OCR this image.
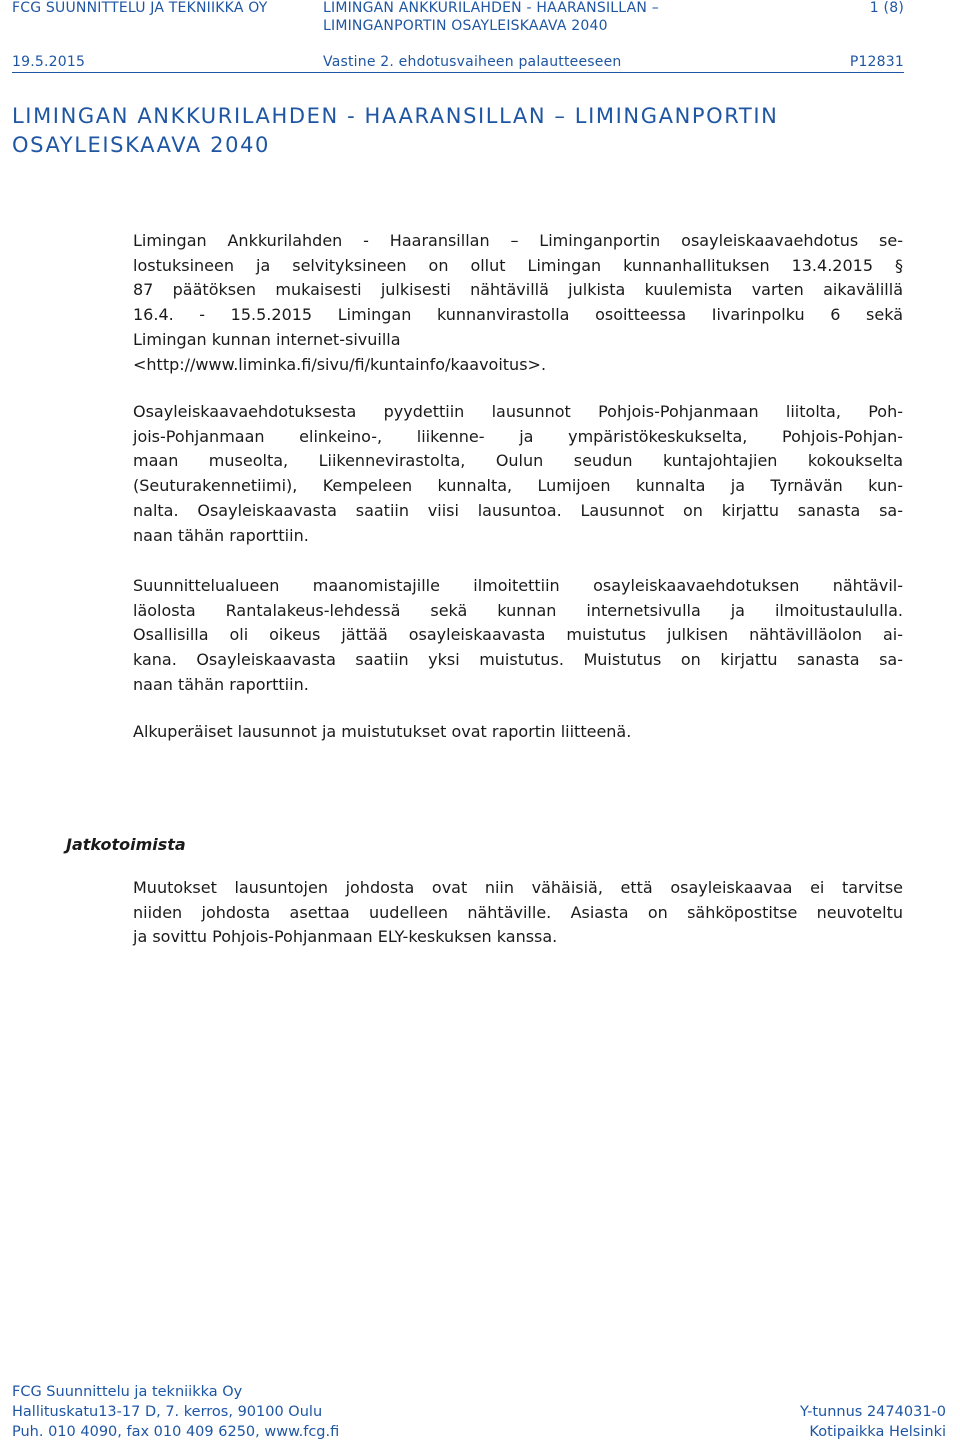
FCG SUUNNITTELU JA TEKNIIKKA OY	LIMINGAN ANKKURILAHDEN - HAARANSILLAN –
LIMINGANPORTIN OSAYLEISKAAVA 2040
1 (8)
19.5.2015	Vastine 2. ehdotusvaiheen palautteeseen	P12831
LIMINGAN ANKKURILAHDEN - HAARANSILLAN – LIMINGANPORTIN
OSAYLEISKAAVA 2040
Limingan Ankkurilahden - Haaransillan – Liminganportin osayleiskaavaehdotus se-
lostuksineen ja selvityksineen on ollut Limingan kunnanhallituksen 13.4.2015 §
87 päätöksen mukaisesti julkisesti nähtävillä julkista kuulemista varten aikavälillä
16.4. - 15.5.2015 Limingan kunnanvirastolla osoitteessa Iivarinpolku 6 sekä
Limingan kunnan internet-sivuilla
<http://www.liminka.fi/sivu/fi/kuntainfo/kaavoitus>.
Osayleiskaavaehdotuksesta pyydettiin lausunnot Pohjois-Pohjanmaan liitolta, Poh-
jois-Pohjanmaan elinkeino-, liikenne- ja ympäristökeskukselta, Pohjois-Pohjan-
maan museolta, Liikennevirastolta, Oulun seudun kuntajohtajien kokoukselta
(Seuturakennetiimi), Kempeleen kunnalta, Lumijoen kunnalta ja Tyrnävän kun-
nalta. Osayleiskaavasta saatiin viisi lausuntoa. Lausunnot on kirjattu sanasta sa-
naan tähän raporttiin.
Suunnittelualueen maanomistajille ilmoitettiin osayleiskaavaehdotuksen nähtävil-
läolosta Rantalakeus-lehdessä sekä kunnan internetsivulla ja ilmoitustaululla.
Osallisilla oli oikeus jättää osayleiskaavasta muistutus julkisen nähtävilläolon ai-
kana. Osayleiskaavasta saatiin yksi muistutus. Muistutus on kirjattu sanasta sa-
naan tähän raporttiin.
Alkuperäiset lausunnot ja muistutukset ovat raportin liitteenä.
Jatkotoimista
Muutokset lausuntojen johdosta ovat niin vähäisiä, että osayleiskaavaa ei tarvitse
niiden johdosta asettaa uudelleen nähtäville. Asiasta on sähköpostitse neuvoteltu
ja sovittu Pohjois-Pohjanmaan ELY-keskuksen kanssa.
FCG Suunnittelu ja tekniikka Oy
Hallituskatu13-17 D, 7. kerros, 90100 Oulu
Puh. 010 4090, fax 010 409 6250, www.fcg.fi
Y-tunnus 2474031-0
Kotipaikka Helsinki
